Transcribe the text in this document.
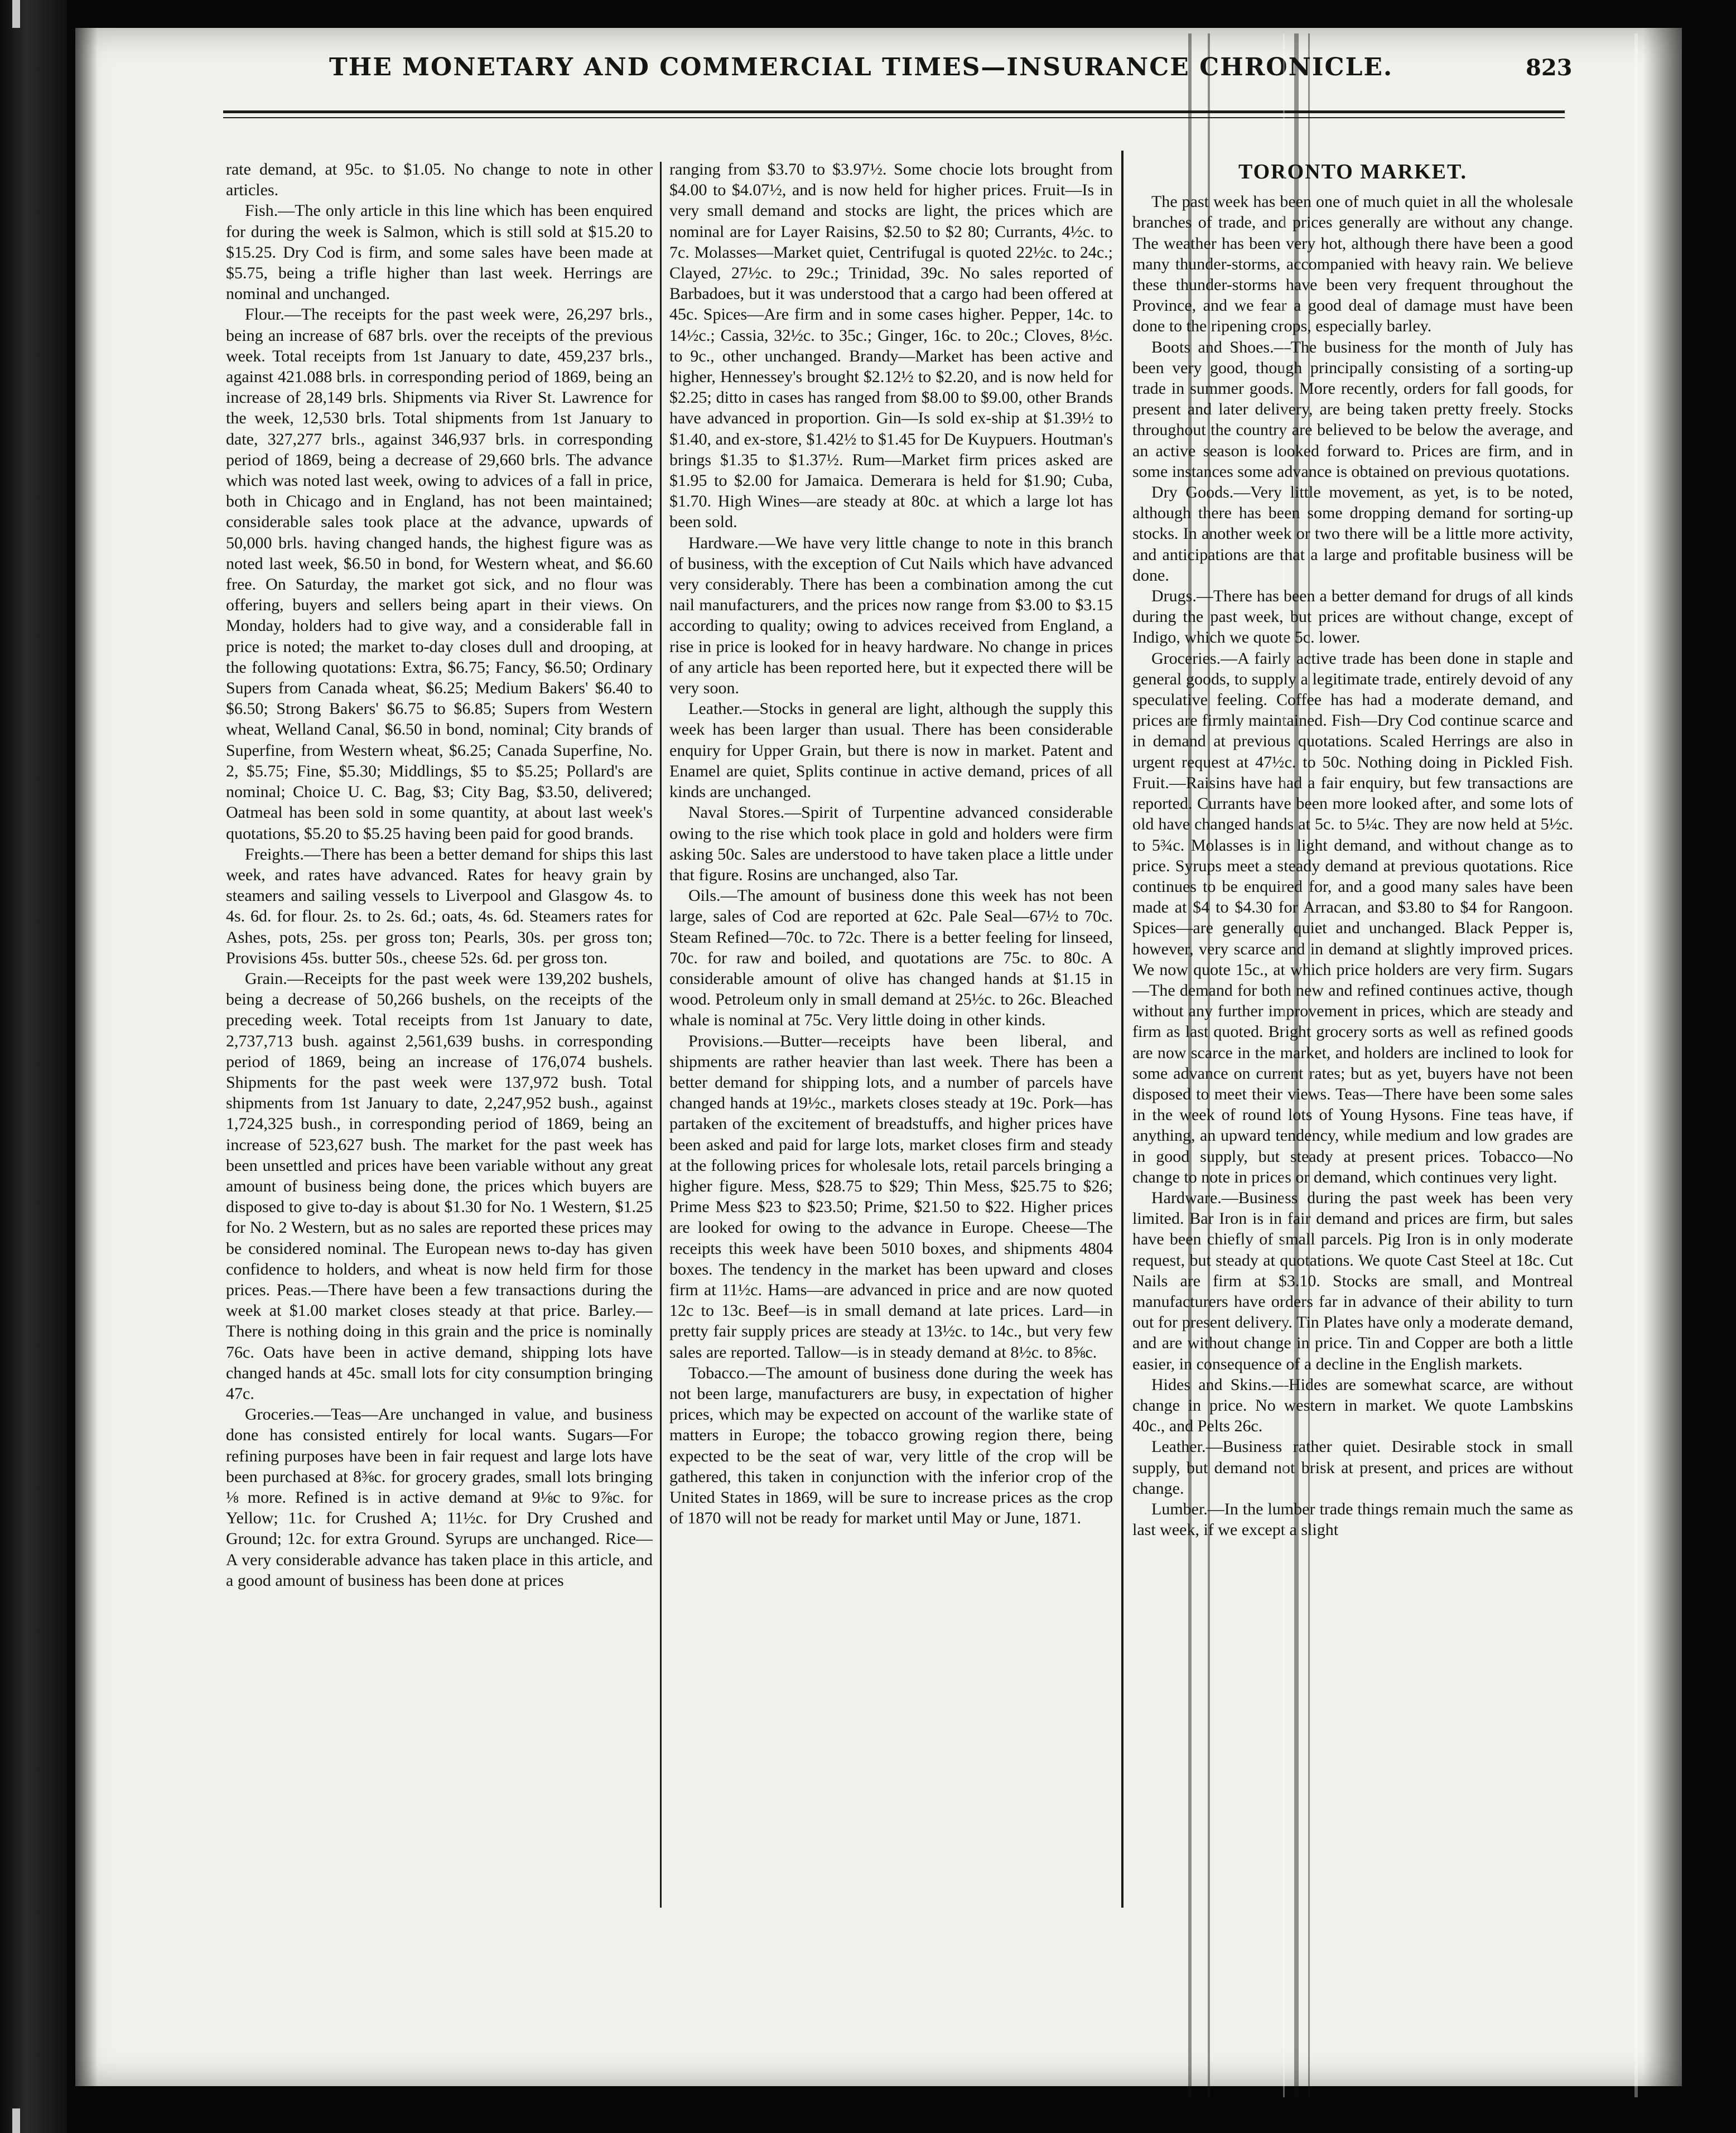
THE MONETARY AND COMMERCIAL TIMES—INSURANCE CHRONICLE.	823

rate demand, at 95c. to $1.05. No change to note in other articles.

Fish.—The only article in this line which has been enquired for during the week is Salmon, which is still sold at $15.20 to $15.25. Dry Cod is firm, and some sales have been made at $5.75, being a trifle higher than last week. Herrings are nominal and unchanged.

Flour.—The receipts for the past week were, 26,297 brls., being an increase of 687 brls. over the receipts of the previous week. Total receipts from 1st January to date, 459,237 brls., against 421.088 brls. in corresponding period of 1869, being an increase of 28,149 brls. Shipments via River St. Lawrence for the week, 12,530 brls. Total shipments from 1st January to date, 327,277 brls., against 346,937 brls. in corresponding period of 1869, being a decrease of 29,660 brls. The advance which was noted last week, owing to advices of a fall in price, both in Chicago and in England, has not been maintained; considerable sales took place at the advance, upwards of 50,000 brls. having changed hands, the highest figure was as noted last week, $6.50 in bond, for Western wheat, and $6.60 free. On Saturday, the market got sick, and no flour was offering, buyers and sellers being apart in their views. On Monday, holders had to give way, and a considerable fall in price is noted; the market to-day closes dull and drooping, at the following quotations: Extra, $6.75; Fancy, $6.50; Ordinary Supers from Canada wheat, $6.25; Medium Bakers' $6.40 to $6.50; Strong Bakers' $6.75 to $6.85; Supers from Western wheat, Welland Canal, $6.50 in bond, nominal; City brands of Superfine, from Western wheat, $6.25; Canada Superfine, No. 2, $5.75; Fine, $5.30; Middlings, $5 to $5.25; Pollard's are nominal; Choice U. C. Bag, $3; City Bag, $3.50, delivered; Oatmeal has been sold in some quantity, at about last week's quotations, $5.20 to $5.25 having been paid for good brands.

Freights.—There has been a better demand for ships this last week, and rates have advanced. Rates for heavy grain by steamers and sailing vessels to Liverpool and Glasgow 4s. to 4s. 6d. for flour. 2s. to 2s. 6d.; oats, 4s. 6d. Steamers rates for Ashes, pots, 25s. per gross ton; Pearls, 30s. per gross ton; Provisions 45s. butter 50s., cheese 52s. 6d. per gross ton.

Grain.—Receipts for the past week were 139,202 bushels, being a decrease of 50,266 bushels, on the receipts of the preceding week. Total receipts from 1st January to date, 2,737,713 bush. against 2,561,639 bushs. in corresponding period of 1869, being an increase of 176,074 bushels. Shipments for the past week were 137,972 bush. Total shipments from 1st January to date, 2,247,952 bush., against 1,724,325 bush., in corresponding period of 1869, being an increase of 523,627 bush. The market for the past week has been unsettled and prices have been variable without any great amount of business being done, the prices which buyers are disposed to give to-day is about $1.30 for No. 1 Western, $1.25 for No. 2 Western, but as no sales are reported these prices may be considered nominal. The European news to-day has given confidence to holders, and wheat is now held firm for those prices. Peas.—There have been a few transactions during the week at $1.00 market closes steady at that price. Barley.—There is nothing doing in this grain and the price is nominally 76c. Oats have been in active demand, shipping lots have changed hands at 45c. small lots for city consumption bringing 47c.

Groceries.—Teas—Are unchanged in value, and business done has consisted entirely for local wants. Sugars—For refining purposes have been in fair request and large lots have been purchased at 8⅜c. for grocery grades, small lots bringing ⅛ more. Refined is in active demand at 9⅛c to 9⅞c. for Yellow; 11c. for Crushed A; 11½c. for Dry Crushed and Ground; 12c. for extra Ground. Syrups are unchanged. Rice—A very considerable advance has taken place in this article, and a good amount of business has been done at prices

ranging from $3.70 to $3.97½. Some chocie lots brought from $4.00 to $4.07½, and is now held for higher prices. Fruit—Is in very small demand and stocks are light, the prices which are nominal are for Layer Raisins, $2.50 to $2 80; Currants, 4½c. to 7c. Molasses—Market quiet, Centrifugal is quoted 22½c. to 24c.; Clayed, 27½c. to 29c.; Trinidad, 39c. No sales reported of Barbadoes, but it was understood that a cargo had been offered at 45c. Spices—Are firm and in some cases higher. Pepper, 14c. to 14½c.; Cassia, 32½c. to 35c.; Ginger, 16c. to 20c.; Cloves, 8½c. to 9c., other unchanged. Brandy—Market has been active and higher, Hennessey's brought $2.12½ to $2.20, and is now held for $2.25; ditto in cases has ranged from $8.00 to $9.00, other Brands have advanced in proportion. Gin—Is sold ex-ship at $1.39½ to $1.40, and ex-store, $1.42½ to $1.45 for De Kuypuers. Houtman's brings $1.35 to $1.37½. Rum—Market firm prices asked are $1.95 to $2.00 for Jamaica. Demerara is held for $1.90; Cuba, $1.70. High Wines—are steady at 80c. at which a large lot has been sold.

Hardware.—We have very little change to note in this branch of business, with the exception of Cut Nails which have advanced very considerably. There has been a combination among the cut nail manufacturers, and the prices now range from $3.00 to $3.15 according to quality; owing to advices received from England, a rise in price is looked for in heavy hardware. No change in prices of any article has been reported here, but it expected there will be very soon.

Leather.—Stocks in general are light, although the supply this week has been larger than usual. There has been considerable enquiry for Upper Grain, but there is now in market. Patent and Enamel are quiet, Splits continue in active demand, prices of all kinds are unchanged.

Naval Stores.—Spirit of Turpentine advanced considerable owing to the rise which took place in gold and holders were firm asking 50c. Sales are understood to have taken place a little under that figure. Rosins are unchanged, also Tar.

Oils.—The amount of business done this week has not been large, sales of Cod are reported at 62c. Pale Seal—67½ to 70c. Steam Refined—70c. to 72c. There is a better feeling for linseed, 70c. for raw and boiled, and quotations are 75c. to 80c. A considerable amount of olive has changed hands at $1.15 in wood. Petroleum only in small demand at 25½c. to 26c. Bleached whale is nominal at 75c. Very little doing in other kinds.

Provisions.—Butter—receipts have been liberal, and shipments are rather heavier than last week. There has been a better demand for shipping lots, and a number of parcels have changed hands at 19½c., markets closes steady at 19c. Pork—has partaken of the excitement of breadstuffs, and higher prices have been asked and paid for large lots, market closes firm and steady at the following prices for wholesale lots, retail parcels bringing a higher figure. Mess, $28.75 to $29; Thin Mess, $25.75 to $26; Prime Mess $23 to $23.50; Prime, $21.50 to $22. Higher prices are looked for owing to the advance in Europe. Cheese—The receipts this week have been 5010 boxes, and shipments 4804 boxes. The tendency in the market has been upward and closes firm at 11½c. Hams—are advanced in price and are now quoted 12c to 13c. Beef—is in small demand at late prices. Lard—in pretty fair supply prices are steady at 13½c. to 14c., but very few sales are reported. Tallow—is in steady demand at 8½c. to 8⅝c.

Tobacco.—The amount of business done during the week has not been large, manufacturers are busy, in expectation of higher prices, which may be expected on account of the warlike state of matters in Europe; the tobacco growing region there, being expected to be the seat of war, very little of the crop will be gathered, this taken in conjunction with the inferior crop of the United States in 1869, will be sure to increase prices as the crop of 1870 will not be ready for market until May or June, 1871.

TORONTO MARKET.

The past week has been one of much quiet in all the wholesale branches of trade, and prices generally are without any change. The weather has been very hot, although there have been a good many thunder-storms, accompanied with heavy rain. We believe these thunder-storms have been very frequent throughout the Province, and we fear a good deal of damage must have been done to the ripening crops, especially barley.

Boots and Shoes.—The business for the month of July has been very good, though principally consisting of a sorting-up trade in summer goods. More recently, orders for fall goods, for present and later delivery, are being taken pretty freely. Stocks throughout the country are believed to be below the average, and an active season is looked forward to. Prices are firm, and in some instances some advance is obtained on previous quotations.

Dry Goods.—Very little movement, as yet, is to be noted, although there has been some dropping demand for sorting-up stocks. In another week or two there will be a little more activity, and anticipations are that a large and profitable business will be done.

Drugs.—There has been a better demand for drugs of all kinds during the past week, but prices are without change, except of Indigo, which we quote 5c. lower.

Groceries.—A fairly active trade has been done in staple and general goods, to supply a legitimate trade, entirely devoid of any speculative feeling. Coffee has had a moderate demand, and prices are firmly maintained. Fish—Dry Cod continue scarce and in demand at previous quotations. Scaled Herrings are also in urgent request at 47½c. to 50c. Nothing doing in Pickled Fish. Fruit.—Raisins have had a fair enquiry, but few transactions are reported. Currants have been more looked after, and some lots of old have changed hands at 5c. to 5¼c. They are now held at 5½c. to 5¾c. Molasses is in light demand, and without change as to price. Syrups meet a steady demand at previous quotations. Rice continues to be enquired for, and a good many sales have been made at $4 to $4.30 for Arracan, and $3.80 to $4 for Rangoon. Spices—are generally quiet and unchanged. Black Pepper is, however, very scarce and in demand at slightly improved prices. We now quote 15c., at which price holders are very firm. Sugars—The demand for both new and refined continues active, though without any further improvement in prices, which are steady and firm as last quoted. Bright grocery sorts as well as refined goods are now scarce in the market, and holders are inclined to look for some advance on current rates; but as yet, buyers have not been disposed to meet their views. Teas—There have been some sales in the week of round lots of Young Hysons. Fine teas have, if anything, an upward tendency, while medium and low grades are in good supply, but steady at present prices. Tobacco—No change to note in prices or demand, which continues very light.

Hardware.—Business during the past week has been very limited. Bar Iron is in fair demand and prices are firm, but sales have been chiefly of small parcels. Pig Iron is in only moderate request, but steady at quotations. We quote Cast Steel at 18c. Cut Nails are firm at $3.10. Stocks are small, and Montreal manufacturers have orders far in advance of their ability to turn out for present delivery. Tin Plates have only a moderate demand, and are without change in price. Tin and Copper are both a little easier, in consequence of a decline in the English markets.

Hides and Skins.—Hides are somewhat scarce, are without change in price. No western in market. We quote Lambskins 40c., and Pelts 26c.

Leather.—Business rather quiet. Desirable stock in small supply, but demand not brisk at present, and prices are without change.

Lumber.—In the lumber trade things remain much the same as last week, if we except a slight
